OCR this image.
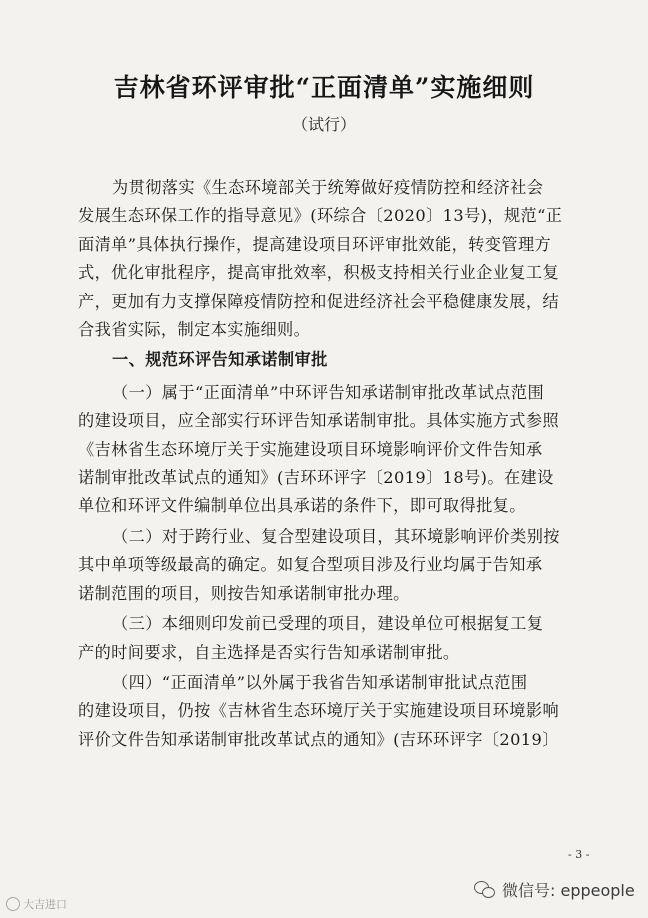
吉林省环评审批“正面清单”实施细则
（试行）
为贯彻落实《生态环境部关于统筹做好疫情防控和经济社会
发展生态环保工作的指导意见》(环综合〔2020〕13号)，规范“正
面清单”具体执行操作，提高建设项目环评审批效能，转变管理方
式，优化审批程序，提高审批效率，积极支持相关行业企业复工复
产，更加有力支撑保障疫情防控和促进经济社会平稳健康发展，结
合我省实际，制定本实施细则。
一、规范环评告知承诺制审批
（一）属于“正面清单”中环评告知承诺制审批改革试点范围
的建设项目，应全部实行环评告知承诺制审批。具体实施方式参照
《吉林省生态环境厅关于实施建设项目环境影响评价文件告知承
诺制审批改革试点的通知》(吉环环评字〔2019〕18号)。在建设
单位和环评文件编制单位出具承诺的条件下，即可取得批复。
（二）对于跨行业、复合型建设项目，其环境影响评价类别按
其中单项等级最高的确定。如复合型项目涉及行业均属于告知承
诺制范围的项目，则按告知承诺制审批办理。
（三）本细则印发前已受理的项目，建设单位可根据复工复
产的时间要求，自主选择是否实行告知承诺制审批。
（四）“正面清单”以外属于我省告知承诺制审批试点范围
的建设项目，仍按《吉林省生态环境厅关于实施建设项目环境影响
评价文件告知承诺制审批改革试点的通知》(吉环环评字〔2019〕
- 3 -
大吉进口
微信号: eppeople
